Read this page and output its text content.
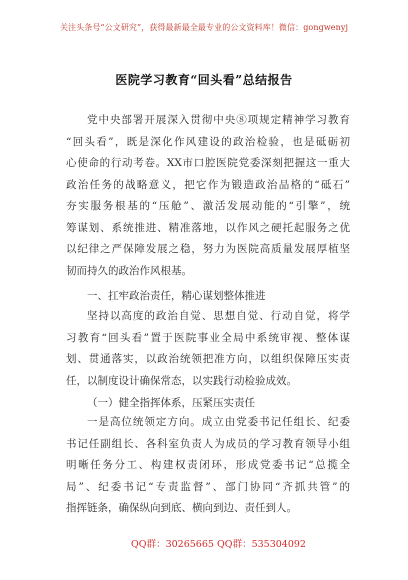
关注头条号“公文研究”，获得最新最全最专业的公文资料库！微信：gongwenyj
医院学习教育“回头看”总结报告
党中央部署开展深入贯彻中央⑧项规定精神学习教育
“回头看”，既是深化作风建设的政治检验，也是砥砺初
心使命的行动考卷。XX市口腔医院党委深刻把握这一重大
政治任务的战略意义，把它作为锻造政治品格的“砥石”
夯实服务根基的“压舱”、激活发展动能的“引擎”，统
筹谋划、系统推进、精准落地，以作风之硬托起服务之优
以纪律之严保障发展之稳，努力为医院高质量发展厚植坚
韧而持久的政治作风根基。
一、扛牢政治责任，精心谋划整体推进
坚持以高度的政治自觉、思想自觉、行动自觉，将学
习教育“回头看”置于医院事业全局中系统审视、整体谋
划、贯通落实，以政治统领把准方向，以组织保障压实责
任，以制度设计确保常态，以实践行动检验成效。
（一）健全指挥体系，压紧压实责任
一是高位统领定方向。成立由党委书记任组长、纪委
书记任副组长、各科室负责人为成员的学习教育领导小组
明晰任务分工、构建权责闭环，形成党委书记“总揽全
局”、纪委书记“专责监督”、部门协同“齐抓共管”的
指挥链条，确保纵向到底、横向到边、责任到人。
QQ群：30265665 QQ群：535304092
